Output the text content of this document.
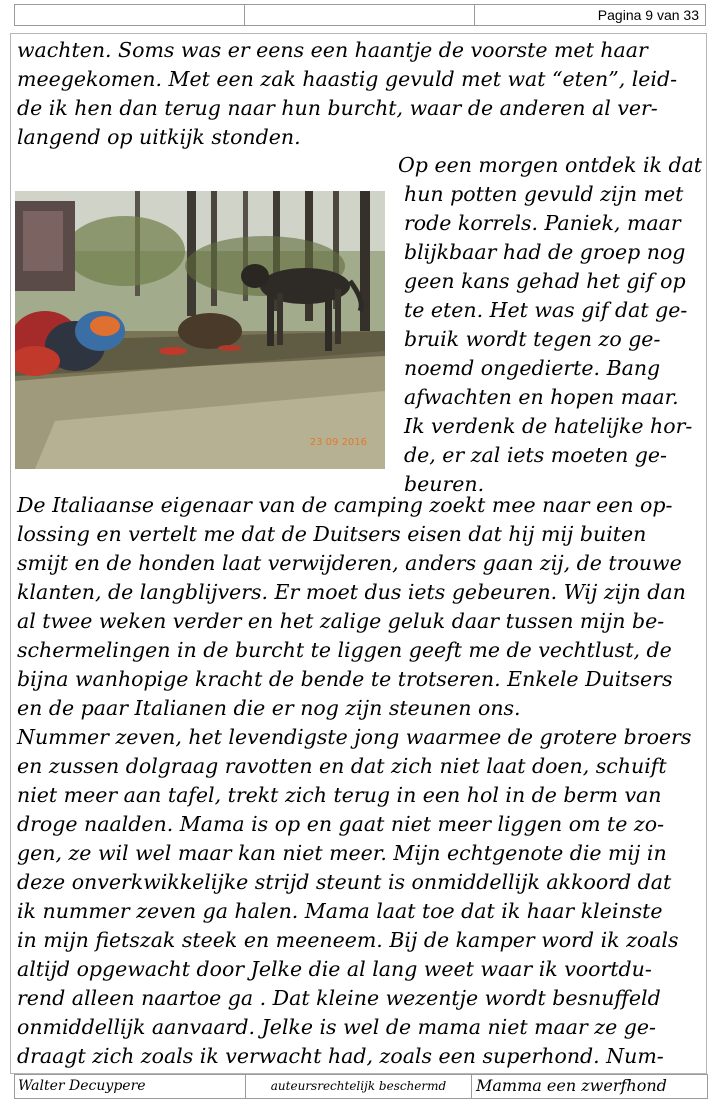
Pagina 9 van 33
wachten. Soms was er eens een haantje de voorste met haar
meegekomen. Met een zak haastig gevuld met wat “eten”, leid-
de ik hen dan terug naar hun burcht, waar de anderen al ver-
langend op uitkijk stonden.
23 09 2016
Op een morgen ontdek ik dat
hun potten gevuld zijn met
rode korrels. Paniek, maar
blijkbaar had de groep nog
geen kans gehad het gif op
te eten. Het was gif dat ge-
bruik wordt tegen zo ge-
noemd ongedierte. Bang
afwachten en hopen maar.
Ik verdenk de hatelijke hor-
de, er zal iets moeten ge-
beuren.
De Italiaanse eigenaar van de camping zoekt mee naar een op-
lossing en vertelt me dat de Duitsers eisen dat hij mij buiten
smijt en de honden laat verwijderen, anders gaan zij, de trouwe
klanten, de langblijvers. Er moet dus iets gebeuren. Wij zijn dan
al twee weken verder en het zalige geluk daar tussen mijn be-
schermelingen in de burcht te liggen geeft me de vechtlust, de
bijna wanhopige kracht de bende te trotseren. Enkele Duitsers
en de paar Italianen die er nog zijn steunen ons.
Nummer zeven, het levendigste jong waarmee de grotere broers
en zussen dolgraag ravotten en dat zich niet laat doen, schuift
niet meer aan tafel, trekt zich terug in een hol in de berm van
droge naalden. Mama is op en gaat niet meer liggen om te zo-
gen, ze wil wel maar kan niet meer. Mijn echtgenote die mij in
deze onverkwikkelijke strijd steunt is onmiddellijk akkoord dat
ik nummer zeven ga halen. Mama laat toe dat ik haar kleinste
in mijn fietszak steek en meeneem. Bij de kamper word ik zoals
altijd opgewacht door Jelke die al lang weet waar ik voortdu-
rend alleen naartoe ga . Dat kleine wezentje wordt besnuffeld
onmiddellijk aanvaard. Jelke is wel de mama niet maar ze ge-
draagt zich zoals ik verwacht had, zoals een superhond. Num-
Walter Decuypere	auteursrechtelijk beschermd	Mamma een zwerfhond
